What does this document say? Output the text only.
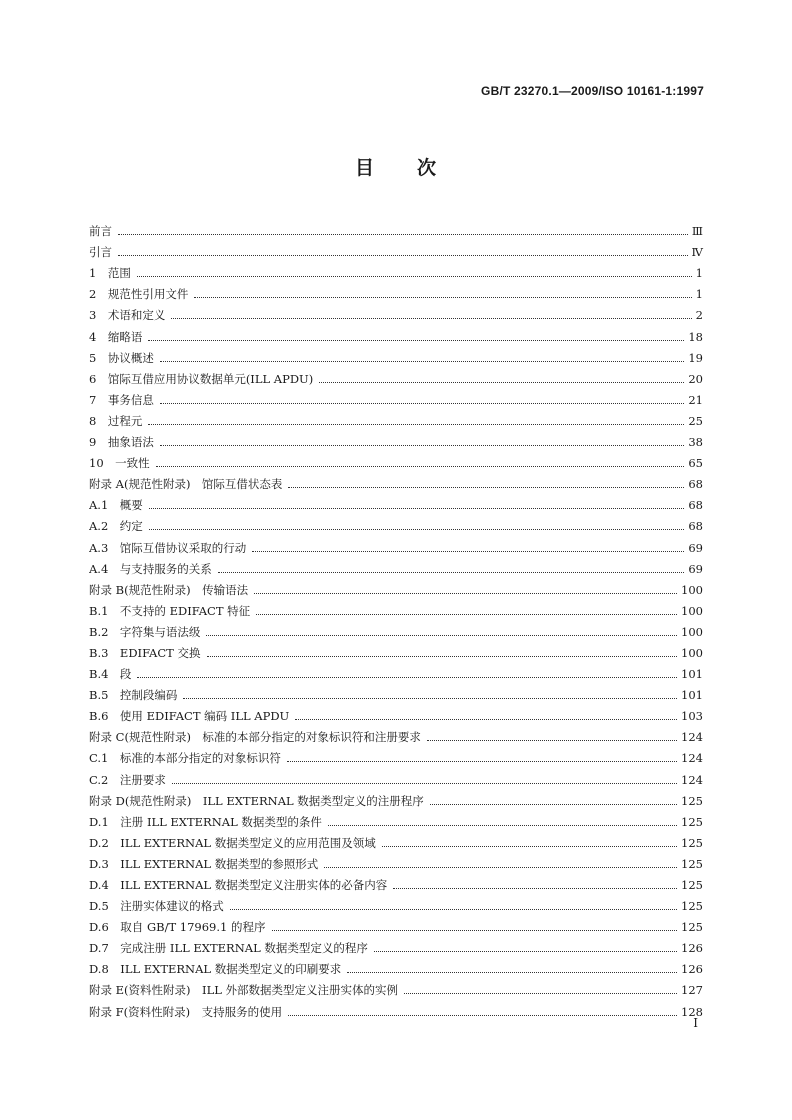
GB/T 23270.1—2009/ISO 10161-1:1997
目 次
前言	Ⅲ
引言	Ⅳ
1　范围	1
2　规范性引用文件	1
3　术语和定义	2
4　缩略语	18
5　协议概述	19
6　馆际互借应用协议数据单元(ILL APDU)	20
7　事务信息	21
8　过程元	25
9　抽象语法	38
10　一致性	65
附录 A(规范性附录)　馆际互借状态表	68
A.1　概要	68
A.2　约定	68
A.3　馆际互借协议采取的行动	69
A.4　与支持服务的关系	69
附录 B(规范性附录)　传输语法	100
B.1　不支持的 EDIFACT 特征	100
B.2　字符集与语法级	100
B.3　EDIFACT 交换	100
B.4　段	101
B.5　控制段编码	101
B.6　使用 EDIFACT 编码 ILL APDU	103
附录 C(规范性附录)　标准的本部分指定的对象标识符和注册要求	124
C.1　标准的本部分指定的对象标识符	124
C.2　注册要求	124
附录 D(规范性附录)　ILL EXTERNAL 数据类型定义的注册程序	125
D.1　注册 ILL EXTERNAL 数据类型的条件	125
D.2　ILL EXTERNAL 数据类型定义的应用范围及领域	125
D.3　ILL EXTERNAL 数据类型的参照形式	125
D.4　ILL EXTERNAL 数据类型定义注册实体的必备内容	125
D.5　注册实体建议的格式	125
D.6　取自 GB/T 17969.1 的程序	125
D.7　完成注册 ILL EXTERNAL 数据类型定义的程序	126
D.8　ILL EXTERNAL 数据类型定义的印刷要求	126
附录 E(资料性附录)　ILL 外部数据类型定义注册实体的实例	127
附录 F(资料性附录)　支持服务的使用	128
I
